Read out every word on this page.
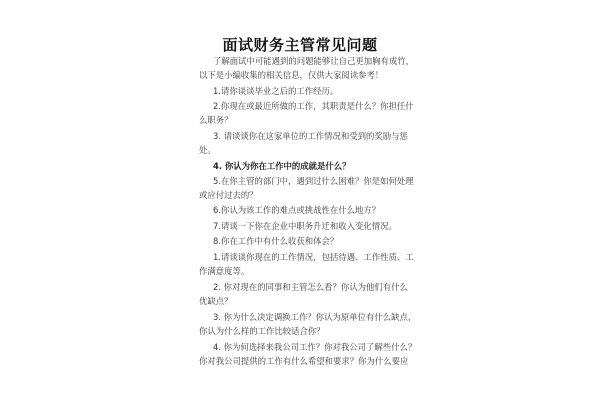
面试财务主管常见问题
了解面试中可能遇到的问题能够让自己更加胸有成竹，
以下是小编收集的相关信息，仅供大家阅读参考！
1.请你谈谈毕业之后的工作经历。
2.你现在或最近所做的工作，其职责是什么？你担任什
么职务？
3. 请谈谈你在这家单位的工作情况和受到的奖励与惩
处。
4. 你认为你在工作中的成就是什么？
5.在你主管的部门中，遇到过什么困难？你是如何处理
或应付过去的？
6.你认为该工作的难点或挑战性在什么地方？
7.请谈一下你在企业中职务升迁和收入变化情况。
8.你在工作中有什么收获和体会？
1.请谈谈你现在的工作情况，包括待遇、工作性质、工
作满意度等。
2. 你对现在的同事和主管怎么看？你认为他们有什么
优缺点？
3. 你为什么决定调换工作？你认为原单位有什么缺点，
你认为什么样的工作比较适合你？
4. 你为何选择来我公司工作？你对我公司了解些什么？
你对我公司提供的工作有什么希望和要求？你为什么要应
